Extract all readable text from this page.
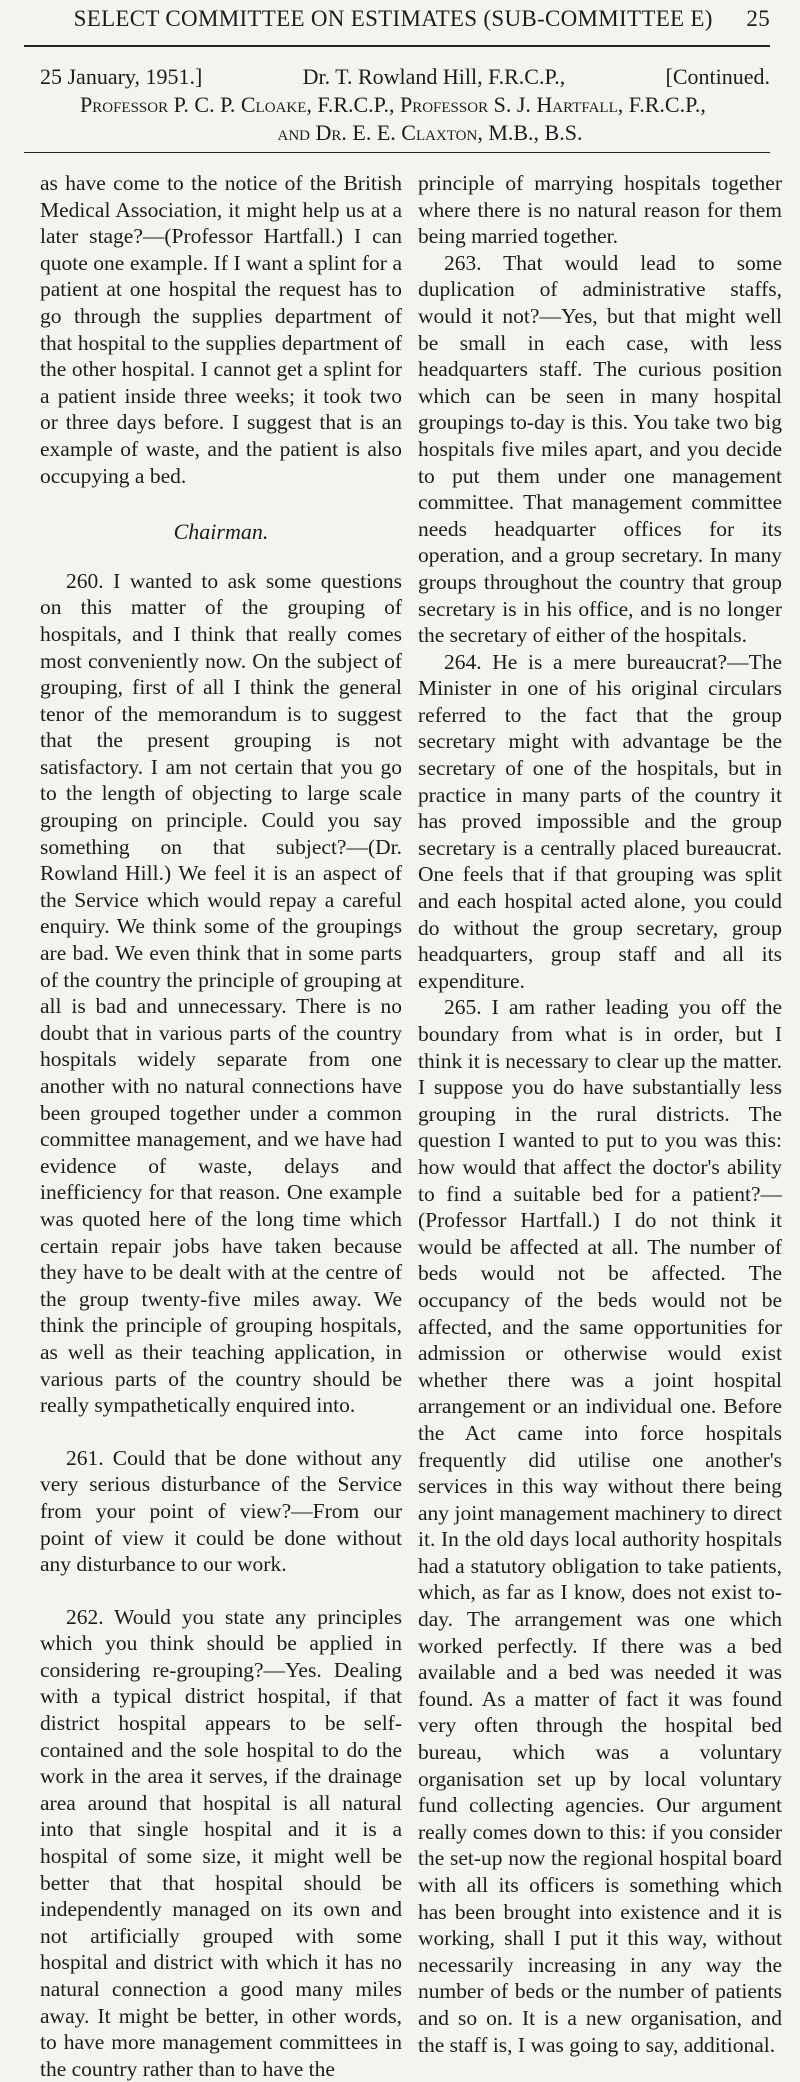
SELECT COMMITTEE ON ESTIMATES (SUB-COMMITTEE E)	25
25 January, 1951.]	Dr. T. Rowland Hill, F.R.C.P.,	[Continued.
Professor P. C. P. Cloake, F.R.C.P., Professor S. J. Hartfall, F.R.C.P.,
and Dr. E. E. Claxton, M.B., B.S.

as have come to the notice of the British Medical Association, it might help us at a later stage?—(Professor Hartfall.) I can quote one example. If I want a splint for a patient at one hospital the request has to go through the supplies department of that hospital to the supplies department of the other hospital. I cannot get a splint for a patient inside three weeks; it took two or three days before. I suggest that is an example of waste, and the patient is also occupying a bed.

Chairman.

260. I wanted to ask some questions on this matter of the grouping of hospitals, and I think that really comes most conveniently now. On the subject of grouping, first of all I think the general tenor of the memorandum is to suggest that the present grouping is not satisfactory. I am not certain that you go to the length of objecting to large scale grouping on principle. Could you say something on that subject?—(Dr. Rowland Hill.) We feel it is an aspect of the Service which would repay a careful enquiry. We think some of the groupings are bad. We even think that in some parts of the country the principle of grouping at all is bad and unnecessary. There is no doubt that in various parts of the country hospitals widely separate from one another with no natural connections have been grouped together under a common committee management, and we have had evidence of waste, delays and inefficiency for that reason. One example was quoted here of the long time which certain repair jobs have taken because they have to be dealt with at the centre of the group twenty-five miles away. We think the principle of grouping hospitals, as well as their teaching application, in various parts of the country should be really sympathetically enquired into.

261. Could that be done without any very serious disturbance of the Service from your point of view?—From our point of view it could be done without any disturbance to our work.

262. Would you state any principles which you think should be applied in considering re-grouping?—Yes. Dealing with a typical district hospital, if that district hospital appears to be self-contained and the sole hospital to do the work in the area it serves, if the drainage area around that hospital is all natural into that single hospital and it is a hospital of some size, it might well be better that that hospital should be independently managed on its own and not artificially grouped with some hospital and district with which it has no natural connection a good many miles away. It might be better, in other words, to have more management committees in the country rather than to have the

principle of marrying hospitals together where there is no natural reason for them being married together.

263. That would lead to some duplication of administrative staffs, would it not?—Yes, but that might well be small in each case, with less headquarters staff. The curious position which can be seen in many hospital groupings to-day is this. You take two big hospitals five miles apart, and you decide to put them under one management committee. That management committee needs headquarter offices for its operation, and a group secretary. In many groups throughout the country that group secretary is in his office, and is no longer the secretary of either of the hospitals.

264. He is a mere bureaucrat?—The Minister in one of his original circulars referred to the fact that the group secretary might with advantage be the secretary of one of the hospitals, but in practice in many parts of the country it has proved impossible and the group secretary is a centrally placed bureaucrat. One feels that if that grouping was split and each hospital acted alone, you could do without the group secretary, group headquarters, group staff and all its expenditure.

265. I am rather leading you off the boundary from what is in order, but I think it is necessary to clear up the matter. I suppose you do have substantially less grouping in the rural districts. The question I wanted to put to you was this: how would that affect the doctor's ability to find a suitable bed for a patient?—(Professor Hartfall.) I do not think it would be affected at all. The number of beds would not be affected. The occupancy of the beds would not be affected, and the same opportunities for admission or otherwise would exist whether there was a joint hospital arrangement or an individual one. Before the Act came into force hospitals frequently did utilise one another's services in this way without there being any joint management machinery to direct it. In the old days local authority hospitals had a statutory obligation to take patients, which, as far as I know, does not exist to-day. The arrangement was one which worked perfectly. If there was a bed available and a bed was needed it was found. As a matter of fact it was found very often through the hospital bed bureau, which was a voluntary organisation set up by local voluntary fund collecting agencies. Our argument really comes down to this: if you consider the set-up now the regional hospital board with all its officers is something which has been brought into existence and it is working, shall I put it this way, without necessarily increasing in any way the number of beds or the number of patients and so on. It is a new organisation, and the staff is, I was going to say, additional.
